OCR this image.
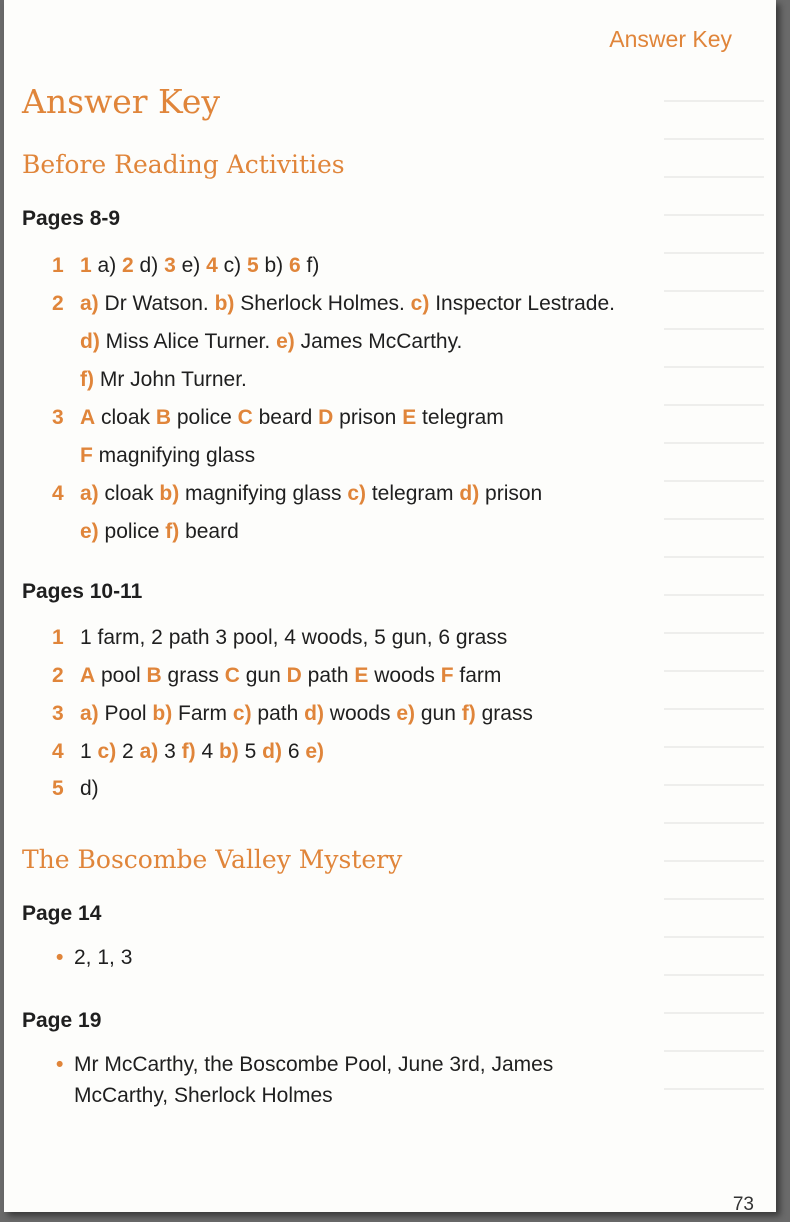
Answer Key
Answer Key
Before Reading Activities
Pages 8-9
1 1 a) 2 d) 3 e) 4 c) 5 b) 6 f)
2 a) Dr Watson. b) Sherlock Holmes. c) Inspector Lestrade.
d) Miss Alice Turner. e) James McCarthy.
f) Mr John Turner.
3 A cloak B police C beard D prison E telegram
F magnifying glass
4 a) cloak b) magnifying glass c) telegram d) prison
e) police f) beard
Pages 10-11
1 1 farm, 2 path 3 pool, 4 woods, 5 gun, 6 grass
2 A pool B grass C gun D path E woods F farm
3 a) Pool b) Farm c) path d) woods e) gun f) grass
4 1 c) 2 a) 3 f) 4 b) 5 d) 6 e)
5 d)
The Boscombe Valley Mystery
Page 14
• 2, 1, 3
Page 19
• Mr McCarthy, the Boscombe Pool, June 3rd, James
McCarthy, Sherlock Holmes
73
